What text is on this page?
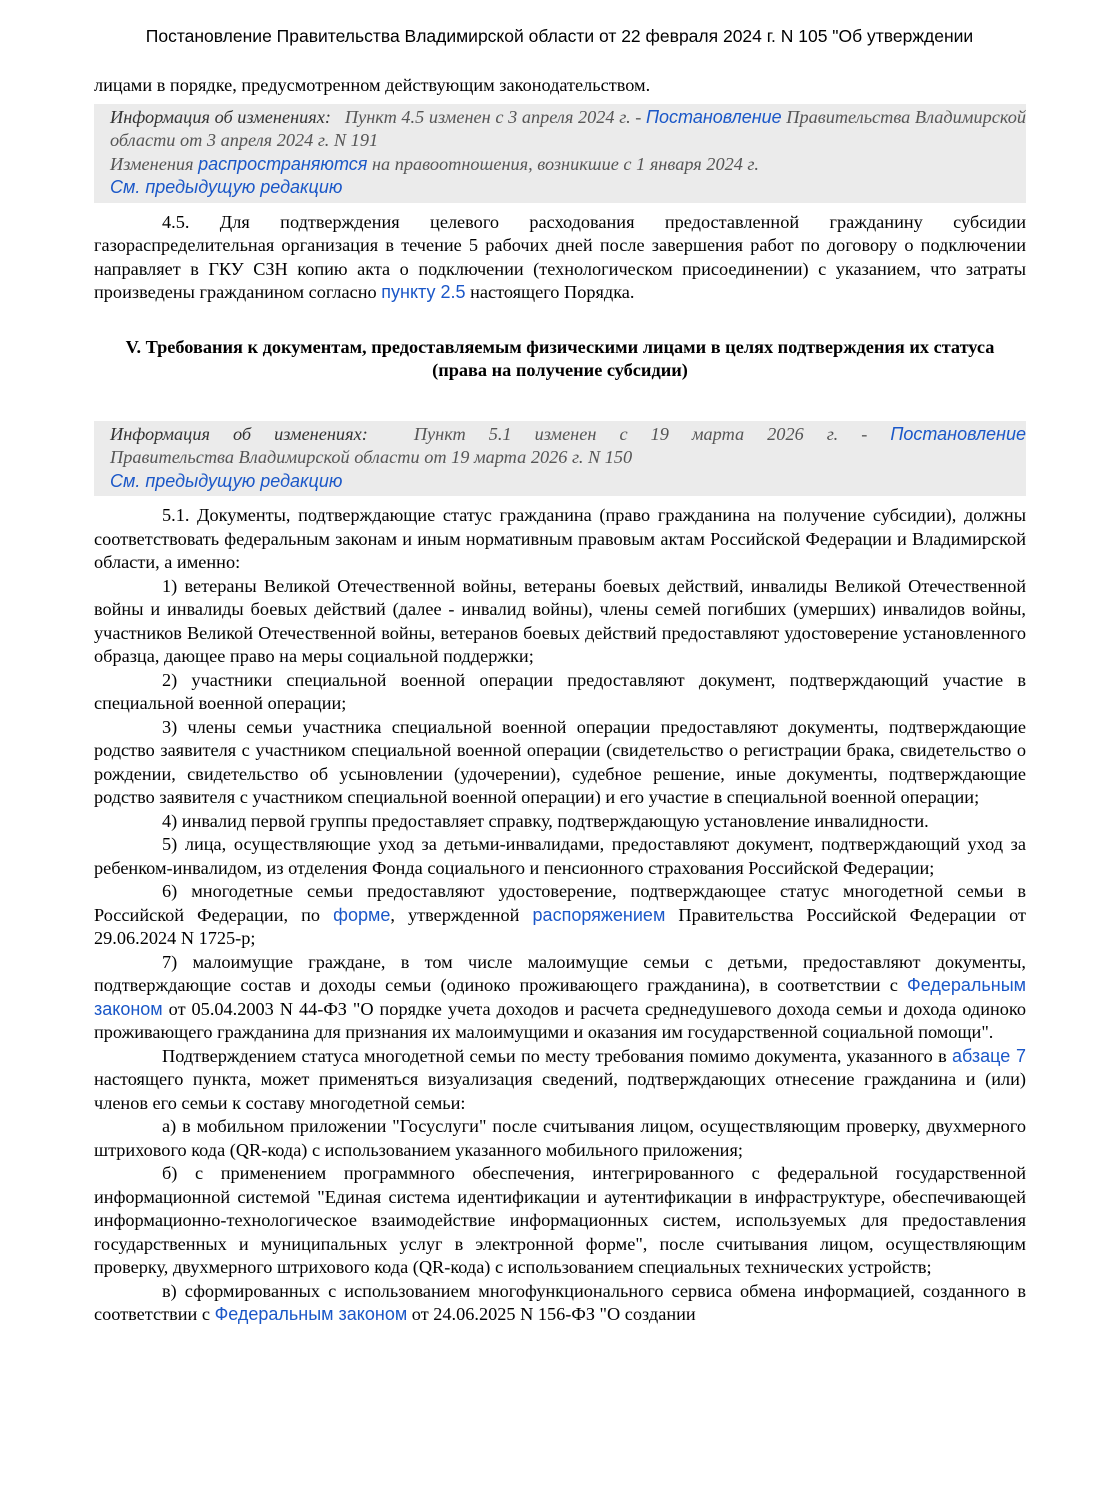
Постановление Правительства Владимирской области от 22 февраля 2024 г. N 105 "Об утверждении

лицами в порядке, предусмотренном действующим законодательством.

Информация об изменениях: Пункт 4.5 изменен с 3 апреля 2024 г. - Постановление Правительства Владимирской области от 3 апреля 2024 г. N 191
Изменения распространяются на правоотношения, возникшие с 1 января 2024 г.
См. предыдущую редакцию

4.5. Для подтверждения целевого расходования предоставленной гражданину субсидии газораспределительная организация в течение 5 рабочих дней после завершения работ по договору о подключении направляет в ГКУ СЗН копию акта о подключении (технологическом присоединении) с указанием, что затраты произведены гражданином согласно пункту 2.5 настоящего Порядка.

V. Требования к документам, предоставляемым физическими лицами в целях подтверждения их статуса (права на получение субсидии)
Информация об изменениях:	Пункт 5.1 изменен с 19 марта 2026 г. - Постановление
Правительства Владимирской области от 19 марта 2026 г. N 150
См. предыдущую редакцию

5.1. Документы, подтверждающие статус гражданина (право гражданина на получение субсидии), должны соответствовать федеральным законам и иным нормативным правовым актам Российской Федерации и Владимирской области, а именно:

1) ветераны Великой Отечественной войны, ветераны боевых действий, инвалиды Великой Отечественной войны и инвалиды боевых действий (далее - инвалид войны), члены семей погибших (умерших) инвалидов войны, участников Великой Отечественной войны, ветеранов боевых действий предоставляют удостоверение установленного образца, дающее право на меры социальной поддержки;

2) участники специальной военной операции предоставляют документ, подтверждающий участие в специальной военной операции;

3) члены семьи участника специальной военной операции предоставляют документы, подтверждающие родство заявителя с участником специальной военной операции (свидетельство о регистрации брака, свидетельство о рождении, свидетельство об усыновлении (удочерении), судебное решение, иные документы, подтверждающие родство заявителя с участником специальной военной операции) и его участие в специальной военной операции;

4) инвалид первой группы предоставляет справку, подтверждающую установление инвалидности.

5) лица, осуществляющие уход за детьми-инвалидами, предоставляют документ, подтверждающий уход за ребенком-инвалидом, из отделения Фонда социального и пенсионного страхования Российской Федерации;

6) многодетные семьи предоставляют удостоверение, подтверждающее статус многодетной семьи в Российской Федерации, по форме, утвержденной распоряжением Правительства Российской Федерации от 29.06.2024 N 1725-р;

7) малоимущие граждане, в том числе малоимущие семьи с детьми, предоставляют документы, подтверждающие состав и доходы семьи (одиноко проживающего гражданина), в соответствии с Федеральным законом от 05.04.2003 N 44-ФЗ "О порядке учета доходов и расчета среднедушевого дохода семьи и дохода одиноко проживающего гражданина для признания их малоимущими и оказания им государственной социальной помощи".

Подтверждением статуса многодетной семьи по месту требования помимо документа, указанного в абзаце 7 настоящего пункта, может применяться визуализация сведений, подтверждающих отнесение гражданина и (или) членов его семьи к составу многодетной семьи:

а) в мобильном приложении "Госуслуги" после считывания лицом, осуществляющим проверку, двухмерного штрихового кода (QR-кода) с использованием указанного мобильного приложения;

б) с применением программного обеспечения, интегрированного с федеральной государственной информационной системой "Единая система идентификации и аутентификации в инфраструктуре, обеспечивающей информационно-технологическое взаимодействие информационных систем, используемых для предоставления государственных и муниципальных услуг в электронной форме", после считывания лицом, осуществляющим проверку, двухмерного штрихового кода (QR-кода) с использованием специальных технических устройств;

в) сформированных с использованием многофункционального сервиса обмена информацией, созданного в соответствии с Федеральным законом от 24.06.2025 N 156-ФЗ "О создании
